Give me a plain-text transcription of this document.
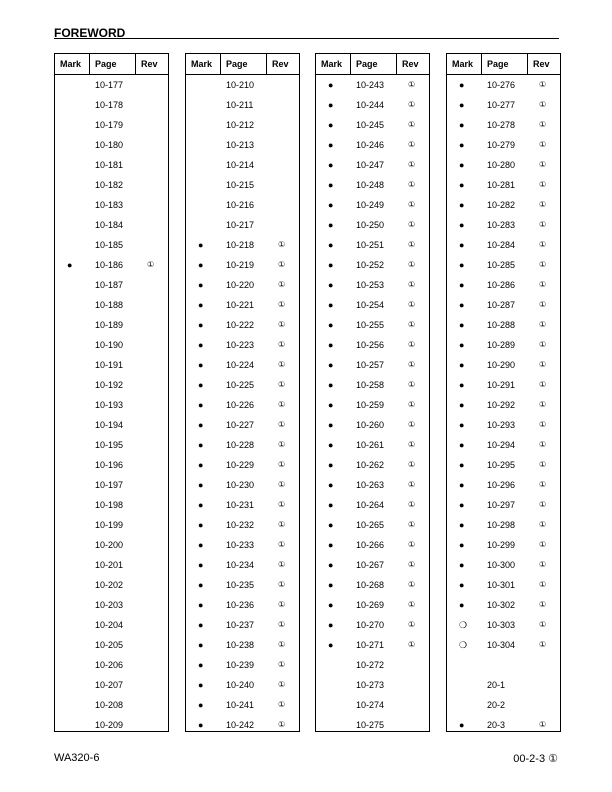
FOREWORD
Mark Page	Rev
10-177
10-178
10-179
10-180
10-181
10-182
10-183
10-184
10-185
●	10-186	①
10-187
10-188
10-189
10-190
10-191
10-192
10-193
10-194
10-195
10-196
10-197
10-198
10-199
10-200
10-201
10-202
10-203
10-204
10-205
10-206
10-207
10-208
10-209
Mark Page	Rev
10-210
10-211
10-212
10-213
10-214
10-215
10-216
10-217
●	10-218	①
●	10-219	①
●	10-220	①
●	10-221	①
●	10-222	①
●	10-223	①
●	10-224	①
●	10-225	①
●	10-226	①
●	10-227	①
●	10-228	①
●	10-229	①
●	10-230	①
●	10-231	①
●	10-232	①
●	10-233	①
●	10-234	①
●	10-235	①
●	10-236	①
●	10-237	①
●	10-238	①
●	10-239	①
●	10-240	①
●	10-241	①
●	10-242	①
Mark Page	Rev
●	10-243	①
●	10-244	①
●	10-245	①
●	10-246	①
●	10-247	①
●	10-248	①
●	10-249	①
●	10-250	①
●	10-251	①
●	10-252	①
●	10-253	①
●	10-254	①
●	10-255	①
●	10-256	①
●	10-257	①
●	10-258	①
●	10-259	①
●	10-260	①
●	10-261	①
●	10-262	①
●	10-263	①
●	10-264	①
●	10-265	①
●	10-266	①
●	10-267	①
●	10-268	①
●	10-269	①
●	10-270	①
●	10-271	①
10-272
10-273
10-274
10-275
Mark Page	Rev
●	10-276	①
●	10-277	①
●	10-278	①
●	10-279	①
●	10-280	①
●	10-281	①
●	10-282	①
●	10-283	①
●	10-284	①
●	10-285	①
●	10-286	①
●	10-287	①
●	10-288	①
●	10-289	①
●	10-290	①
●	10-291	①
●	10-292	①
●	10-293	①
●	10-294	①
●	10-295	①
●	10-296	①
●	10-297	①
●	10-298	①
●	10-299	①
●	10-300	①
●	10-301	①
●	10-302	①
❍ 10-303	①
❍ 10-304	①
20-1
20-2
●	20-3	①
WA320-6	00-2-3 ①
